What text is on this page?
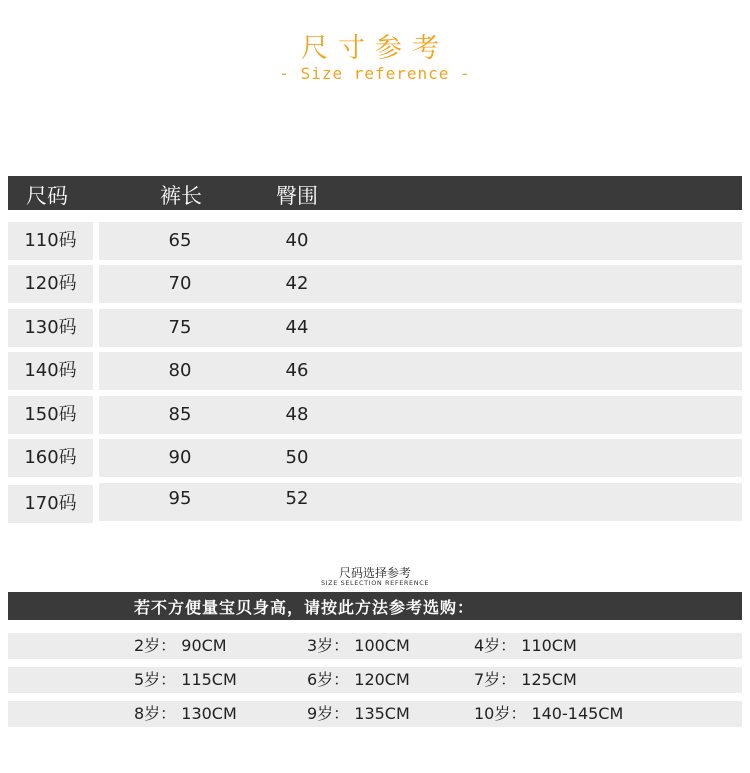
尺寸参考
- Size reference -
尺码	裤长	臀围
110码	65	40
120码	70	42
130码	75	44
140码	80	46
150码	85	48
160码	90	50
170码	95	52
尺码选择参考
SIZE SELECTION REFERENCE
若不方便量宝贝身高，请按此方法参考选购：
2岁： 90CM	3岁： 100CM	4岁： 110CM
5岁： 115CM	6岁： 120CM	7岁： 125CM
8岁： 130CM	9岁： 135CM	10岁： 140-145CM
